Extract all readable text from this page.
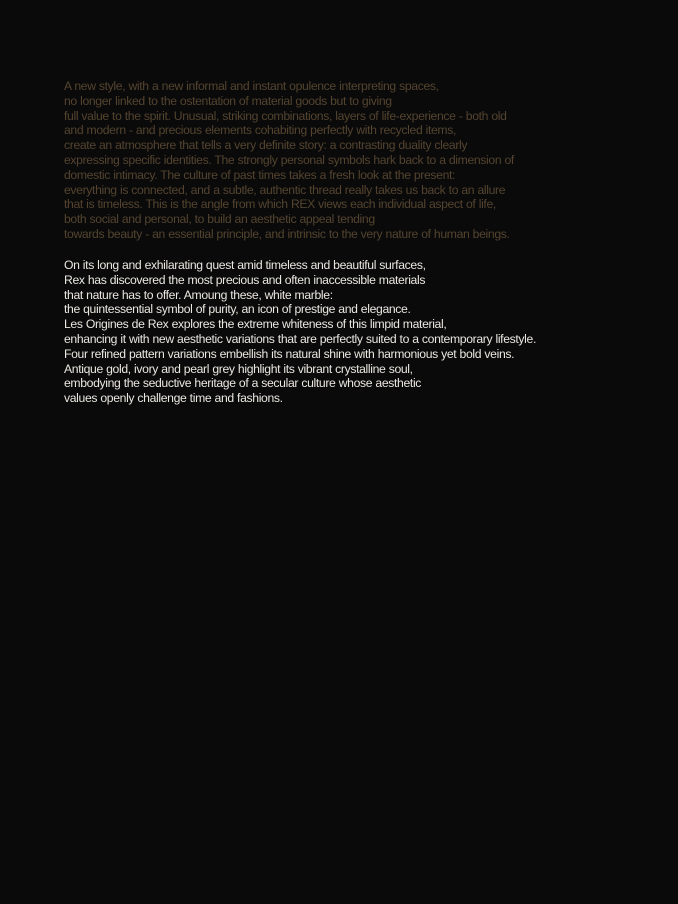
A new style, with a new informal and instant opulence interpreting spaces,
no longer linked to the ostentation of material goods but to giving
full value to the spirit. Unusual, striking combinations, layers of life-experience - both old
and modern - and precious elements cohabiting perfectly with recycled items,
create an atmosphere that tells a very definite story: a contrasting duality clearly
expressing specific identities. The strongly personal symbols hark back to a dimension of
domestic intimacy. The culture of past times takes a fresh look at the present:
everything is connected, and a subtle, authentic thread really takes us back to an allure
that is timeless. This is the angle from which REX views each individual aspect of life,
both social and personal, to build an aesthetic appeal tending
towards beauty - an essential principle, and intrinsic to the very nature of human beings.

On its long and exhilarating quest amid timeless and beautiful surfaces,
Rex has discovered the most precious and often inaccessible materials
that nature has to offer. Amoung these, white marble:
the quintessential symbol of purity, an icon of prestige and elegance.
Les Origines de Rex explores the extreme whiteness of this limpid material,
enhancing it with new aesthetic variations that are perfectly suited to a contemporary lifestyle.
Four refined pattern variations embellish its natural shine with harmonious yet bold veins.
Antique gold, ivory and pearl grey highlight its vibrant crystalline soul,
embodying the seductive heritage of a secular culture whose aesthetic
values openly challenge time and fashions.
